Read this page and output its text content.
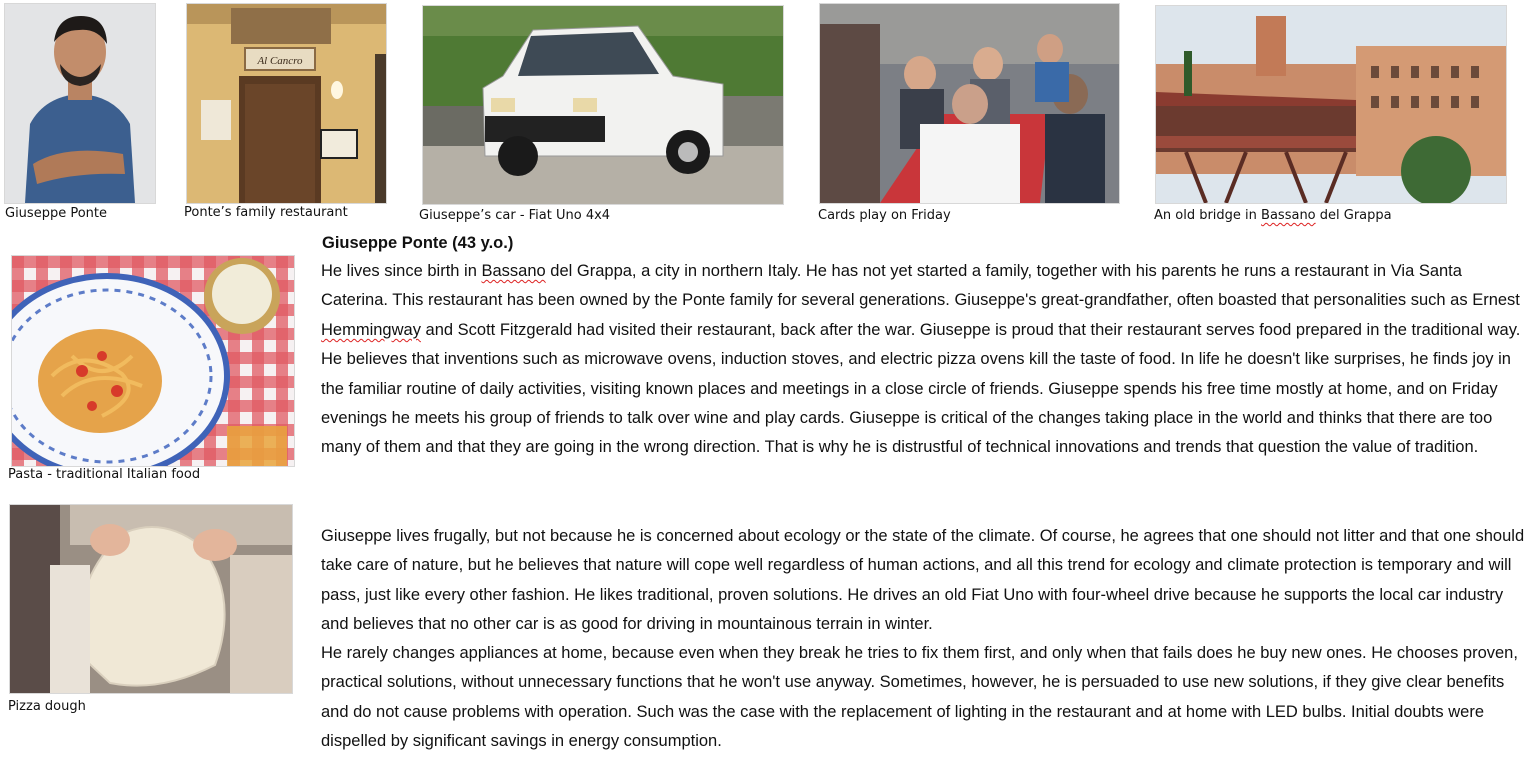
Giuseppe Ponte
Al Cancro
Ponte’s family restaurant	Giuseppe’s car - Fiat Uno 4x4	Cards play on Friday	An old bridge in Bassano del Grappa
Pasta - traditional Italian food
Pizza dough
Giuseppe Ponte (43 y.o.)

He lives since birth in Bassano del Grappa, a city in northern Italy. He has not yet started a family, together with his parents he runs a restaurant in Via Santa Caterina. This restaurant has been owned by the Ponte family for several generations. Giuseppe's great-grandfather, often boasted that personalities such as Ernest Hemmingway and Scott Fitzgerald had visited their restaurant, back after the war. Giuseppe is proud that their restaurant serves food prepared in the traditional way. He believes that inventions such as microwave ovens, induction stoves, and electric pizza ovens kill the taste of food. In life he doesn't like surprises, he finds joy in the familiar routine of daily activities, visiting known places and meetings in a close circle of friends. Giuseppe spends his free time mostly at home, and on Friday evenings he meets his group of friends to talk over wine and play cards. Giuseppe is critical of the changes taking place in the world and thinks that there are too many of them and that they are going in the wrong direction. That is why he is distrustful of technical innovations and trends that question the value of tradition.

Giuseppe lives frugally, but not because he is concerned about ecology or the state of the climate. Of course, he agrees that one should not litter and that one should take care of nature, but he believes that nature will cope well regardless of human actions, and all this trend for ecology and climate protection is temporary and will pass, just like every other fashion. He likes traditional, proven solutions. He drives an old Fiat Uno with four-wheel drive because he supports the local car industry and believes that no other car is as good for driving in mountainous terrain in winter.

He rarely changes appliances at home, because even when they break he tries to fix them first, and only when that fails does he buy new ones. He chooses proven, practical solutions, without unnecessary functions that he won't use anyway. Sometimes, however, he is persuaded to use new solutions, if they give clear benefits and do not cause problems with operation. Such was the case with the replacement of lighting in the restaurant and at home with LED bulbs. Initial doubts were dispelled by significant savings in energy consumption.
